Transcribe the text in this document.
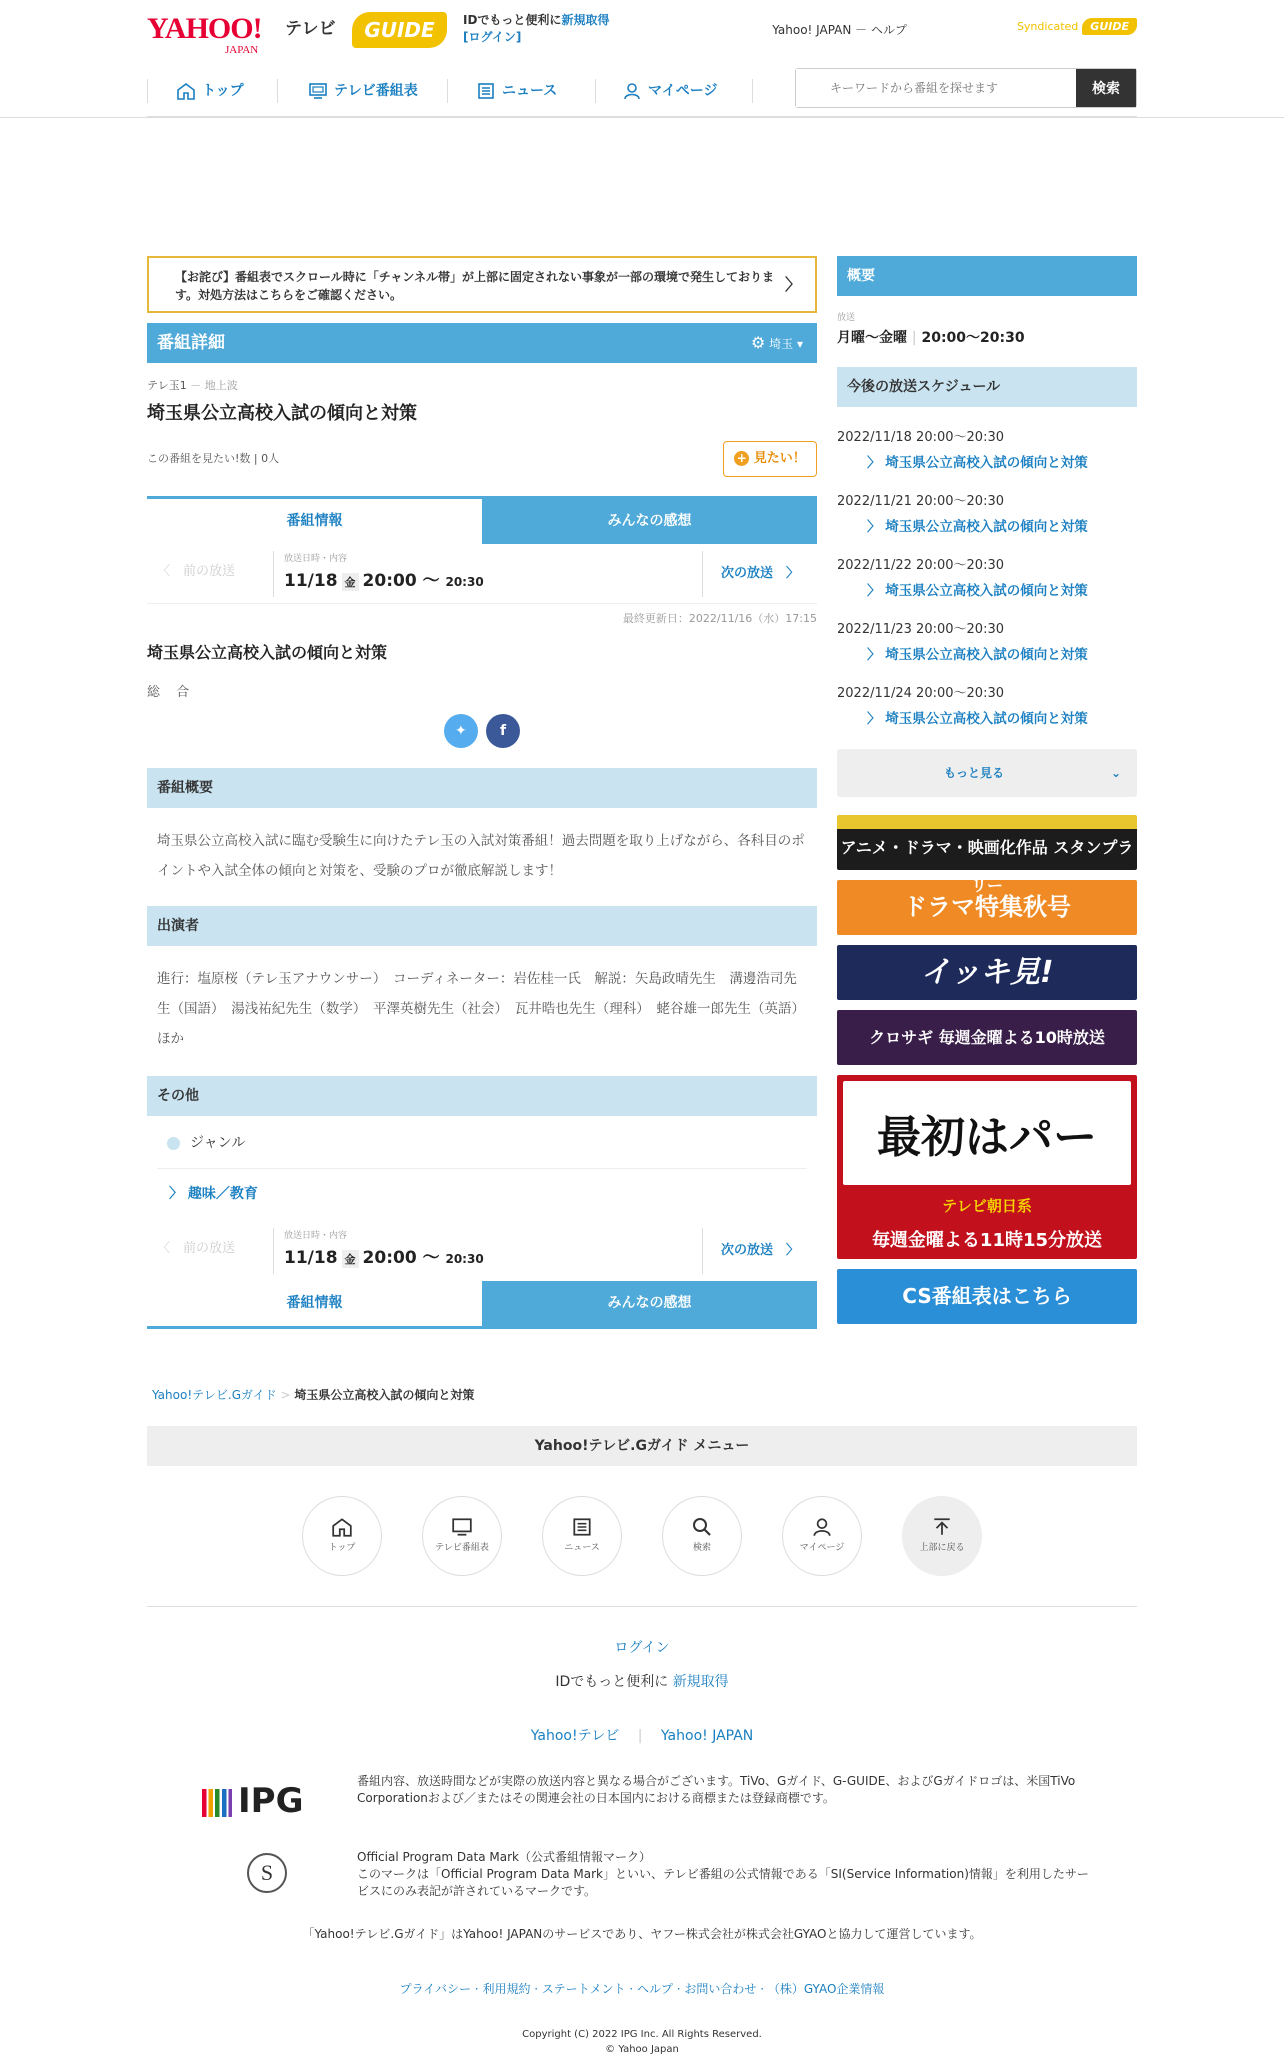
YAHOO!
JAPAN
テレビ	GUIDE	IDでもっと便利に新規取得
[ログイン]	Yahoo! JAPAN － ヘルプ	Syndicated GUIDE
トップ	テレビ番組表	ニュース	マイページ
キーワードから番組を探せます	検索
【お詫び】番組表でスクロール時に「チャンネル帯」が上部に固定されない事象が一部の環境で発生しております。対処方法はこちらをご確認ください。
〉
番組詳細	⚙ 埼玉 ▾
テレ玉1 － 地上波
埼玉県公立高校入試の傾向と対策
この番組を見たい!数 | 0人	+ 見たい！
番組情報	みんなの感想
〈　前の放送
放送日時・内容
11/18 金 20:00 〜 20:30
次の放送　〉
最終更新日：2022/11/16（水）17:15
埼玉県公立高校入試の傾向と対策
総 合
✦ f
番組概要
埼玉県公立高校入試に臨む受験生に向けたテレ玉の入試対策番組！過去問題を取り上げながら、各科目のポイントや入試全体の傾向と対策を、受験のプロが徹底解説します！
出演者
進行：塩原桜（テレ玉アナウンサー）　コーディネーター：岩佐桂一氏　解説：矢島政晴先生　溝邊浩司先生（国語）　湯浅祐紀先生（数学）　平澤英樹先生（社会）　瓦井晧也先生（理科）　蛯谷雄一郎先生（英語）　ほか
その他
ジャンル
〉 趣味／教育
〈　前の放送
放送日時・内容
11/18 金 20:00 〜 20:30
次の放送　〉
番組情報	みんなの感想
概要
放送
月曜～金曜 | 20:00～20:30
今後の放送スケジュール
2022/11/18 20:00～20:30
〉 埼玉県公立高校入試の傾向と対策
2022/11/21 20:00～20:30
〉 埼玉県公立高校入試の傾向と対策
2022/11/22 20:00～20:30
〉 埼玉県公立高校入試の傾向と対策
2022/11/23 20:00～20:30
〉 埼玉県公立高校入試の傾向と対策
2022/11/24 20:00～20:30
〉 埼玉県公立高校入試の傾向と対策
もっと見る	⌄
アニメ・ドラマ・映画化作品 スタンプラ
ドラマ特集秋号
イッキ見!
クロサギ 毎週金曜よる10時放送
最初はパー
テレビ朝日系
毎週金曜よる11時15分放送
CS番組表はこちら
Yahoo!テレビ.Gガイド > 埼玉県公立高校入試の傾向と対策
Yahoo!テレビ.Gガイド メニュー
トップ	テレビ番組表	ニュース	検索	マイページ	上部に戻る
ログイン
IDでもっと便利に 新規取得
Yahoo!テレビ 　|　 Yahoo! JAPAN
IPG	番組内容、放送時間などが実際の放送内容と異なる場合がございます。TiVo、Gガイド、G-GUIDE、およびGガイドロゴは、米国TiVo Corporationおよび／またはその関連会社の日本国内における商標または登録商標です。
S
Official Program Data Mark（公式番組情報マーク）
このマークは「Official Program Data Mark」といい、テレビ番組の公式情報である「SI(Service Information)情報」を利用したサービスにのみ表記が許されているマークです。
「Yahoo!テレビ.Gガイド」はYahoo! JAPANのサービスであり、ヤフー株式会社が株式会社GYAOと協力して運営しています。
プライバシー · 利用規約 · ステートメント · ヘルプ · お問い合わせ · （株）GYAO企業情報
Copyright (C) 2022 IPG Inc. All Rights Reserved.
© Yahoo Japan
